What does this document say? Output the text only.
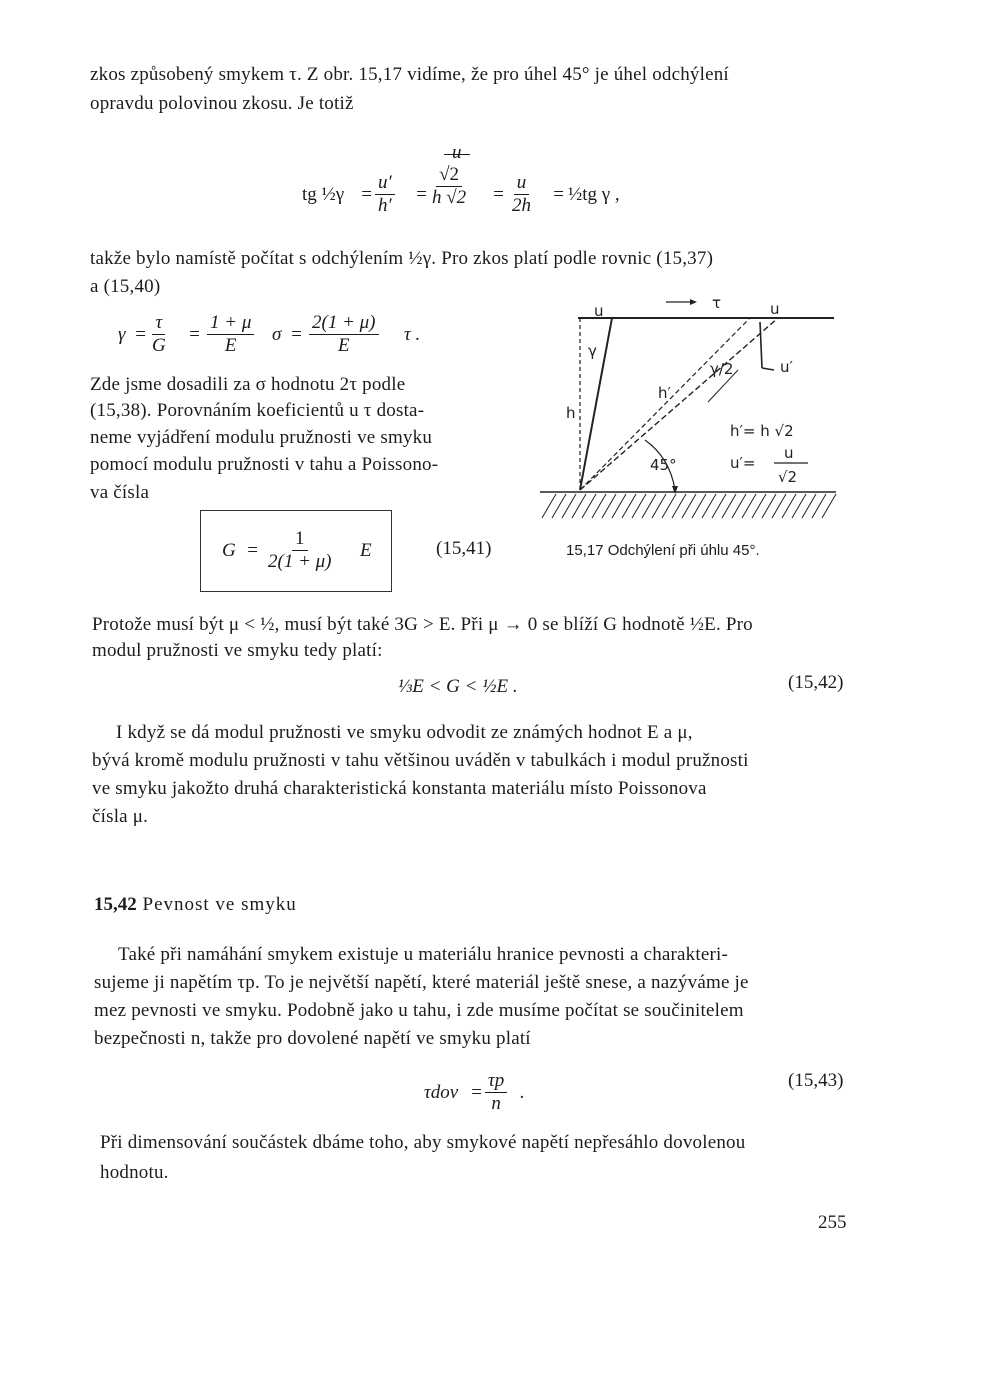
zkos způsobený smykem τ. Z obr. 15,17 vidíme, že pro úhel 45° je úhel odchýlení
opravdu polovinou zkosu. Je totiž
tg ½γ = $\frac{u'}{h'}$ =
u
$\frac{√2}{h √2} = \frac{u}{2h}$ = ½tg γ ,
takže bylo namístě počítat s odchýlením ½γ. Pro zkos platí podle rovnic (15,37)
a (15,40)
$\gamma = \frac{\tau}{G} = \frac{1 + \mu}{E}$ $\sigma = \frac{2(1 + \mu)}{E}$ τ .
Zde jsme dosadili za σ hodnotu 2τ podle
(15,38). Porovnáním koeficientů u τ dosta-
neme vyjádření modulu pružnosti ve smyku
pomocí modulu pružnosti v tahu a Poissono-
va čísla
u	τ	u
γ
γ/2
h′
u′
h
45°
h′= h √2
u′=
u
√2
$G = \frac{1}{2(1 + \mu)}$ E	(15,41)	15,17 Odchýlení při úhlu 45°.
Protože musí být μ < ½, musí být také 3G > E. Při μ → 0 se blíží G hodnotě ½E. Pro
modul pružnosti ve smyku tedy platí:
⅓E < G < ½E .	(15,42)
I když se dá modul pružnosti ve smyku odvodit ze známých hodnot E a μ,
bývá kromě modulu pružnosti v tahu většinou uváděn v tabulkách i modul pružnosti
ve smyku jakožto druhá charakteristická konstanta materiálu místo Poissonova
čísla μ.
15,42 Pevnost ve smyku
Také při namáhání smykem existuje u materiálu hranice pevnosti a charakteri-
sujeme ji napětím τp. To je největší napětí, které materiál ještě snese, a nazýváme je
mez pevnosti ve smyku. Podobně jako u tahu, i zde musíme počítat se součinitelem
bezpečnosti n, takže pro dovolené napětí ve smyku platí
$\tau dov = \frac{\tau p}{n}$ .
(15,43)
Při dimensování součástek dbáme toho, aby smykové napětí nepřesáhlo dovolenou
hodnotu.
255
